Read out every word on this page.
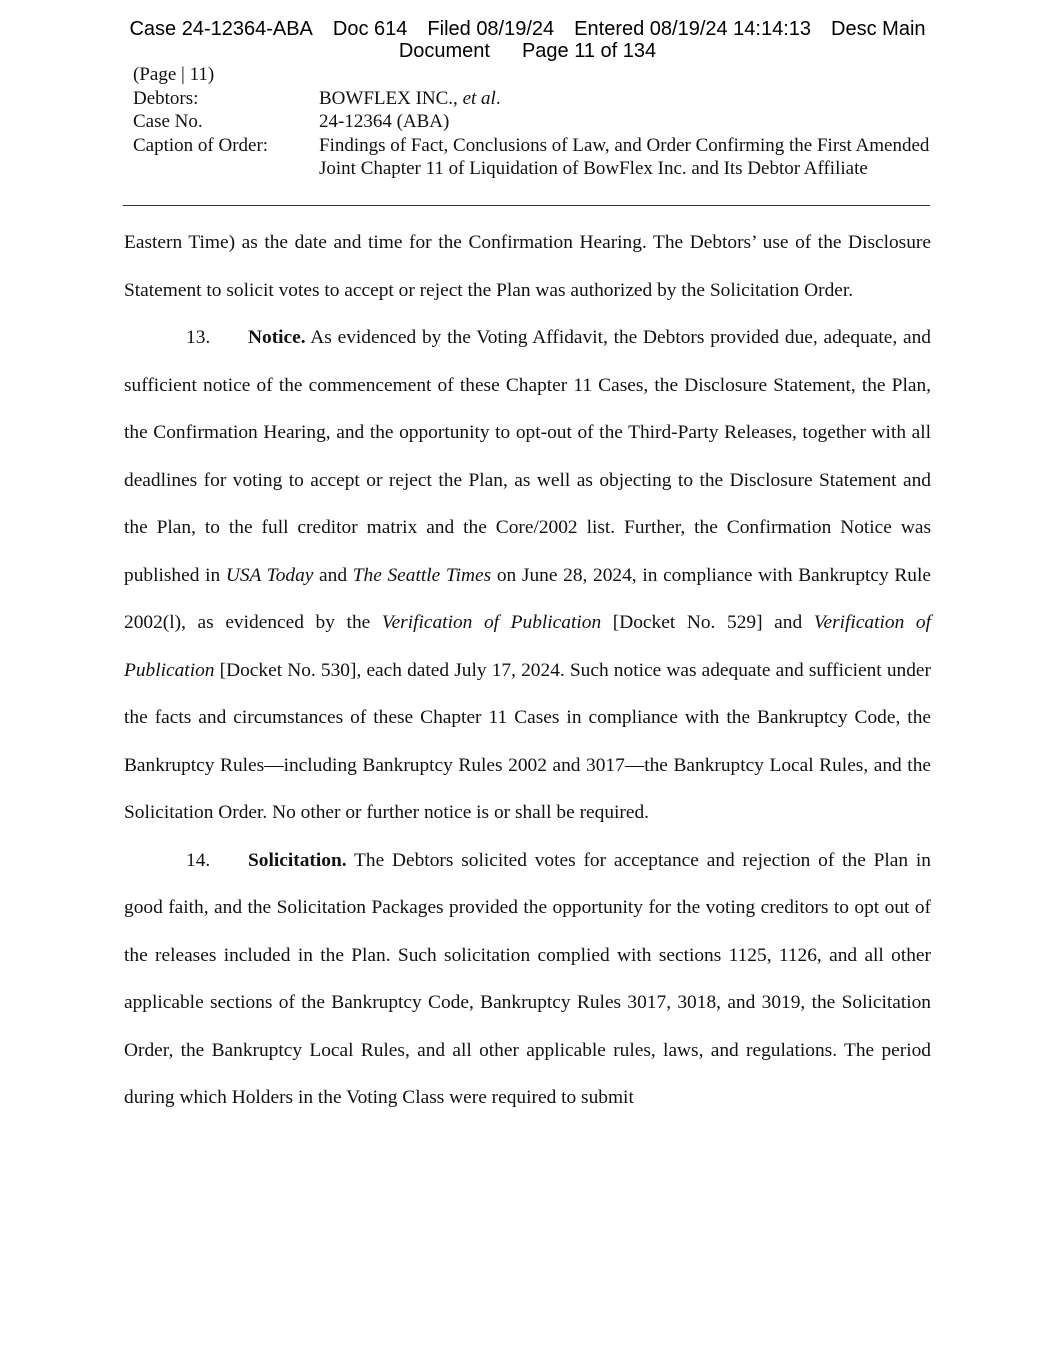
Case 24-12364-ABA Doc 614 Filed 08/19/24 Entered 08/19/24 14:14:13 Desc Main
Document Page 11 of 134
(Page | 11)
Debtors:	BOWFLEX INC., et al.
Case No.	24-12364 (ABA)
Caption of Order:	Findings of Fact, Conclusions of Law, and Order Confirming the First Amended Joint Chapter 11 of Liquidation of BowFlex Inc. and Its Debtor Affiliate

Eastern Time) as the date and time for the Confirmation Hearing. The Debtors’ use of the Disclosure Statement to solicit votes to accept or reject the Plan was authorized by the Solicitation Order.

13. Notice. As evidenced by the Voting Affidavit, the Debtors provided due, adequate, and sufficient notice of the commencement of these Chapter 11 Cases, the Disclosure Statement, the Plan, the Confirmation Hearing, and the opportunity to opt-out of the Third-Party Releases, together with all deadlines for voting to accept or reject the Plan, as well as objecting to the Disclosure Statement and the Plan, to the full creditor matrix and the Core/2002 list. Further, the Confirmation Notice was published in USA Today and The Seattle Times on June 28, 2024, in compliance with Bankruptcy Rule 2002(l), as evidenced by the Verification of Publication [Docket No. 529] and Verification of Publication [Docket No. 530], each dated July 17, 2024. Such notice was adequate and sufficient under the facts and circumstances of these Chapter 11 Cases in compliance with the Bankruptcy Code, the Bankruptcy Rules—including Bankruptcy Rules 2002 and 3017—the Bankruptcy Local Rules, and the Solicitation Order. No other or further notice is or shall be required.

14. Solicitation. The Debtors solicited votes for acceptance and rejection of the Plan in good faith, and the Solicitation Packages provided the opportunity for the voting creditors to opt out of the releases included in the Plan. Such solicitation complied with sections 1125, 1126, and all other applicable sections of the Bankruptcy Code, Bankruptcy Rules 3017, 3018, and 3019, the Solicitation Order, the Bankruptcy Local Rules, and all other applicable rules, laws, and regulations. The period during which Holders in the Voting Class were required to submit
